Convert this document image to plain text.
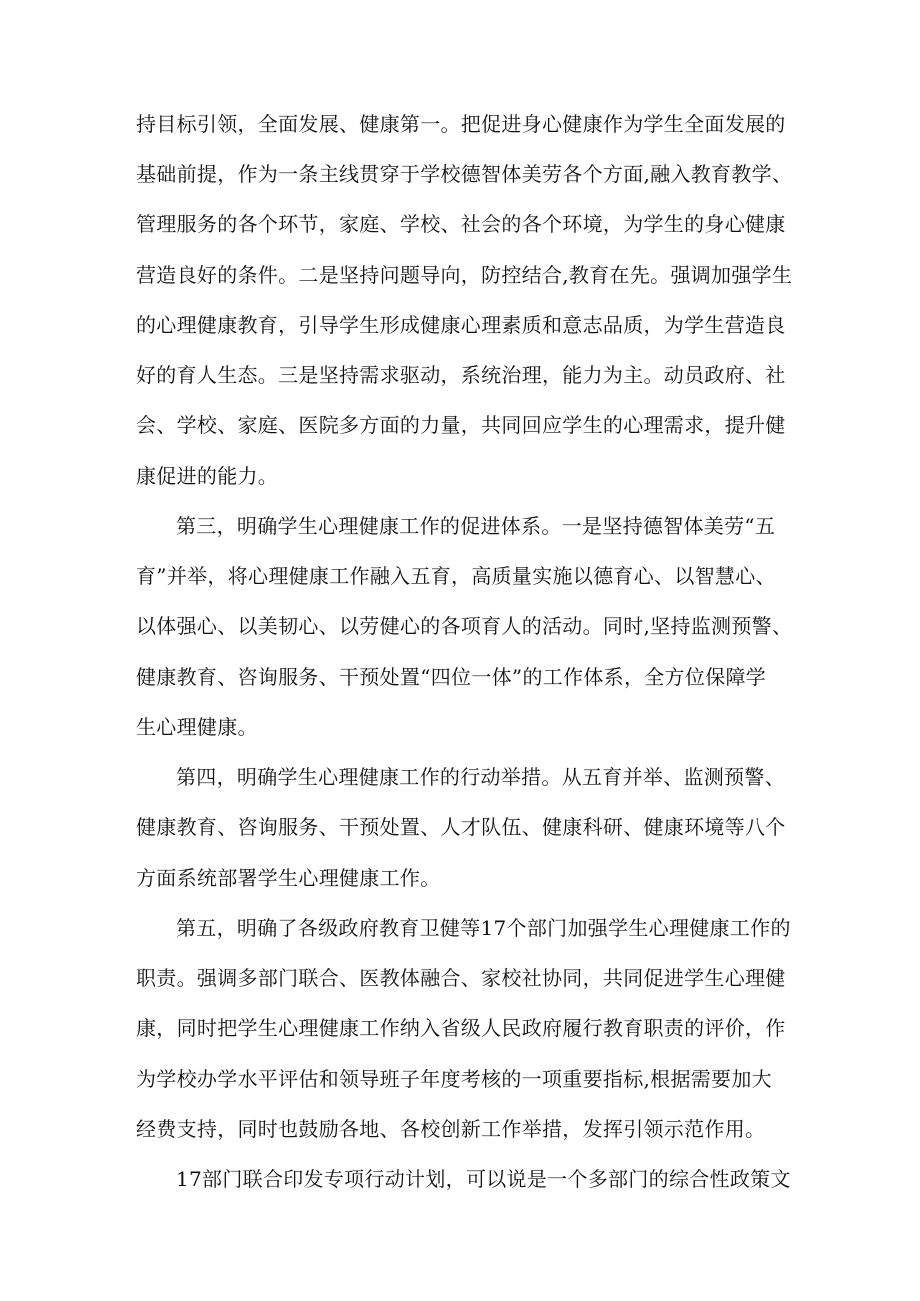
持目标引领，全面发展、健康第一。把促进身心健康作为学生全面发展的
基础前提，作为一条主线贯穿于学校德智体美劳各个方面,融入教育教学、
管理服务的各个环节，家庭、学校、社会的各个环境，为学生的身心健康
营造良好的条件。二是坚持问题导向，防控结合,教育在先。强调加强学生
的心理健康教育，引导学生形成健康心理素质和意志品质，为学生营造良
好的育人生态。三是坚持需求驱动，系统治理，能力为主。动员政府、社
会、学校、家庭、医院多方面的力量，共同回应学生的心理需求，提升健
康促进的能力。
第三，明确学生心理健康工作的促进体系。一是坚持德智体美劳“五
育”并举，将心理健康工作融入五育，高质量实施以德育心、以智慧心、
以体强心、以美韧心、以劳健心的各项育人的活动。同时,坚持监测预警、
健康教育、咨询服务、干预处置“四位一体”的工作体系，全方位保障学
生心理健康。
第四，明确学生心理健康工作的行动举措。从五育并举、监测预警、
健康教育、咨询服务、干预处置、人才队伍、健康科研、健康环境等八个
方面系统部署学生心理健康工作。
第五，明确了各级政府教育卫健等17个部门加强学生心理健康工作的
职责。强调多部门联合、医教体融合、家校社协同，共同促进学生心理健
康，同时把学生心理健康工作纳入省级人民政府履行教育职责的评价，作
为学校办学水平评估和领导班子年度考核的一项重要指标,根据需要加大
经费支持，同时也鼓励各地、各校创新工作举措，发挥引领示范作用。
17部门联合印发专项行动计划，可以说是一个多部门的综合性政策文
